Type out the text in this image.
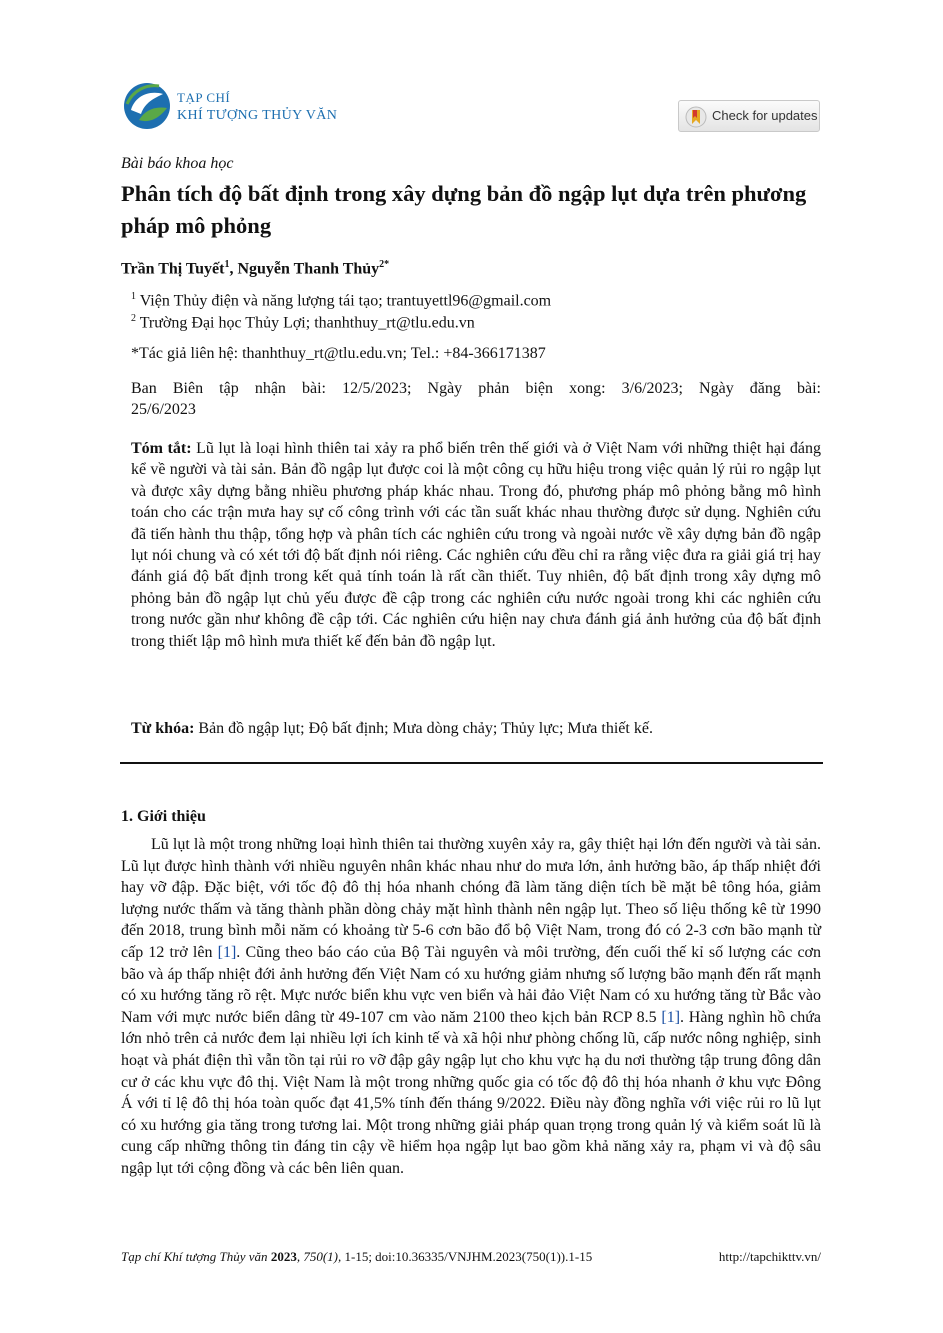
TẠP CHÍ
KHÍ TƯỢNG THỦY VĂN	Check for updates
Bài báo khoa học
Phân tích độ bất định trong xây dựng bản đồ ngập lụt dựa trên phương pháp mô phỏng
Trần Thị Tuyết$^1$, Nguyễn Thanh Thủy$^{2*}$
$^1$ Viện Thủy điện và năng lượng tái tạo; trantuyettl96@gmail.com
$^2$ Trường Đại học Thủy Lợi; thanhthuy_rt@tlu.edu.vn
*Tác giả liên hệ: thanhthuy_rt@tlu.edu.vn; Tel.: +84-366171387
Ban Biên tập nhận bài: 12/5/2023; Ngày phản biện xong: 3/6/2023; Ngày đăng bài:
25/6/2023
Tóm tắt: Lũ lụt là loại hình thiên tai xảy ra phổ biến trên thế giới và ở Việt Nam với những thiệt hại đáng kể về người và tài sản. Bản đồ ngập lụt được coi là một công cụ hữu hiệu trong việc quản lý rủi ro ngập lụt và được xây dựng bằng nhiều phương pháp khác nhau. Trong đó, phương pháp mô phỏng bằng mô hình toán cho các trận mưa hay sự cố công trình với các tần suất khác nhau thường được sử dụng. Nghiên cứu đã tiến hành thu thập, tổng hợp và phân tích các nghiên cứu trong và ngoài nước về xây dựng bản đồ ngập lụt nói chung và có xét tới độ bất định nói riêng. Các nghiên cứu đều chỉ ra rằng việc đưa ra giải giá trị hay đánh giá độ bất định trong kết quả tính toán là rất cần thiết. Tuy nhiên, độ bất định trong xây dựng mô phỏng bản đồ ngập lụt chủ yếu được đề cập trong các nghiên cứu nước ngoài trong khi các nghiên cứu trong nước gần như không đề cập tới. Các nghiên cứu hiện nay chưa đánh giá ảnh hưởng của độ bất định trong thiết lập mô hình mưa thiết kế đến bản đồ ngập lụt.
Từ khóa: Bản đồ ngập lụt; Độ bất định; Mưa dòng chảy; Thủy lực; Mưa thiết kế.
1. Giới thiệu
Lũ lụt là một trong những loại hình thiên tai thường xuyên xảy ra, gây thiệt hại lớn đến người và tài sản. Lũ lụt được hình thành với nhiều nguyên nhân khác nhau như do mưa lớn, ảnh hưởng bão, áp thấp nhiệt đới hay vỡ đập. Đặc biệt, với tốc độ đô thị hóa nhanh chóng đã làm tăng diện tích bề mặt bê tông hóa, giảm lượng nước thấm và tăng thành phần dòng chảy mặt hình thành nên ngập lụt. Theo số liệu thống kê từ 1990 đến 2018, trung bình mỗi năm có khoảng từ 5-6 cơn bão đổ bộ Việt Nam, trong đó có 2-3 cơn bão mạnh từ cấp 12 trở lên [1]. Cũng theo báo cáo của Bộ Tài nguyên và môi trường, đến cuối thế kỉ số lượng các cơn bão và áp thấp nhiệt đới ảnh hưởng đến Việt Nam có xu hướng giảm nhưng số lượng bão mạnh đến rất mạnh có xu hướng tăng rõ rệt. Mực nước biển khu vực ven biển và hải đảo Việt Nam có xu hướng tăng từ Bắc vào Nam với mực nước biển dâng từ 49-107 cm vào năm 2100 theo kịch bản RCP 8.5 [1]. Hàng nghìn hồ chứa lớn nhỏ trên cả nước đem lại nhiều lợi ích kinh tế và xã hội như phòng chống lũ, cấp nước nông nghiệp, sinh hoạt và phát điện thì vẫn tồn tại rủi ro vỡ đập gây ngập lụt cho khu vực hạ du nơi thường tập trung đông dân cư ở các khu vực đô thị. Việt Nam là một trong những quốc gia có tốc độ đô thị hóa nhanh ở khu vực Đông Á với tỉ lệ đô thị hóa toàn quốc đạt 41,5% tính đến tháng 9/2022. Điều này đồng nghĩa với việc rủi ro lũ lụt có xu hướng gia tăng trong tương lai. Một trong những giải pháp quan trọng trong quản lý và kiểm soát lũ là cung cấp những thông tin đáng tin cậy về hiểm họa ngập lụt bao gồm khả năng xảy ra, phạm vi và độ sâu ngập lụt tới cộng đồng và các bên liên quan.
Tạp chí Khí tượng Thủy văn 2023, 750(1), 1-15; doi:10.36335/VNJHM.2023(750(1)).1-15	http://tapchikttv.vn/
